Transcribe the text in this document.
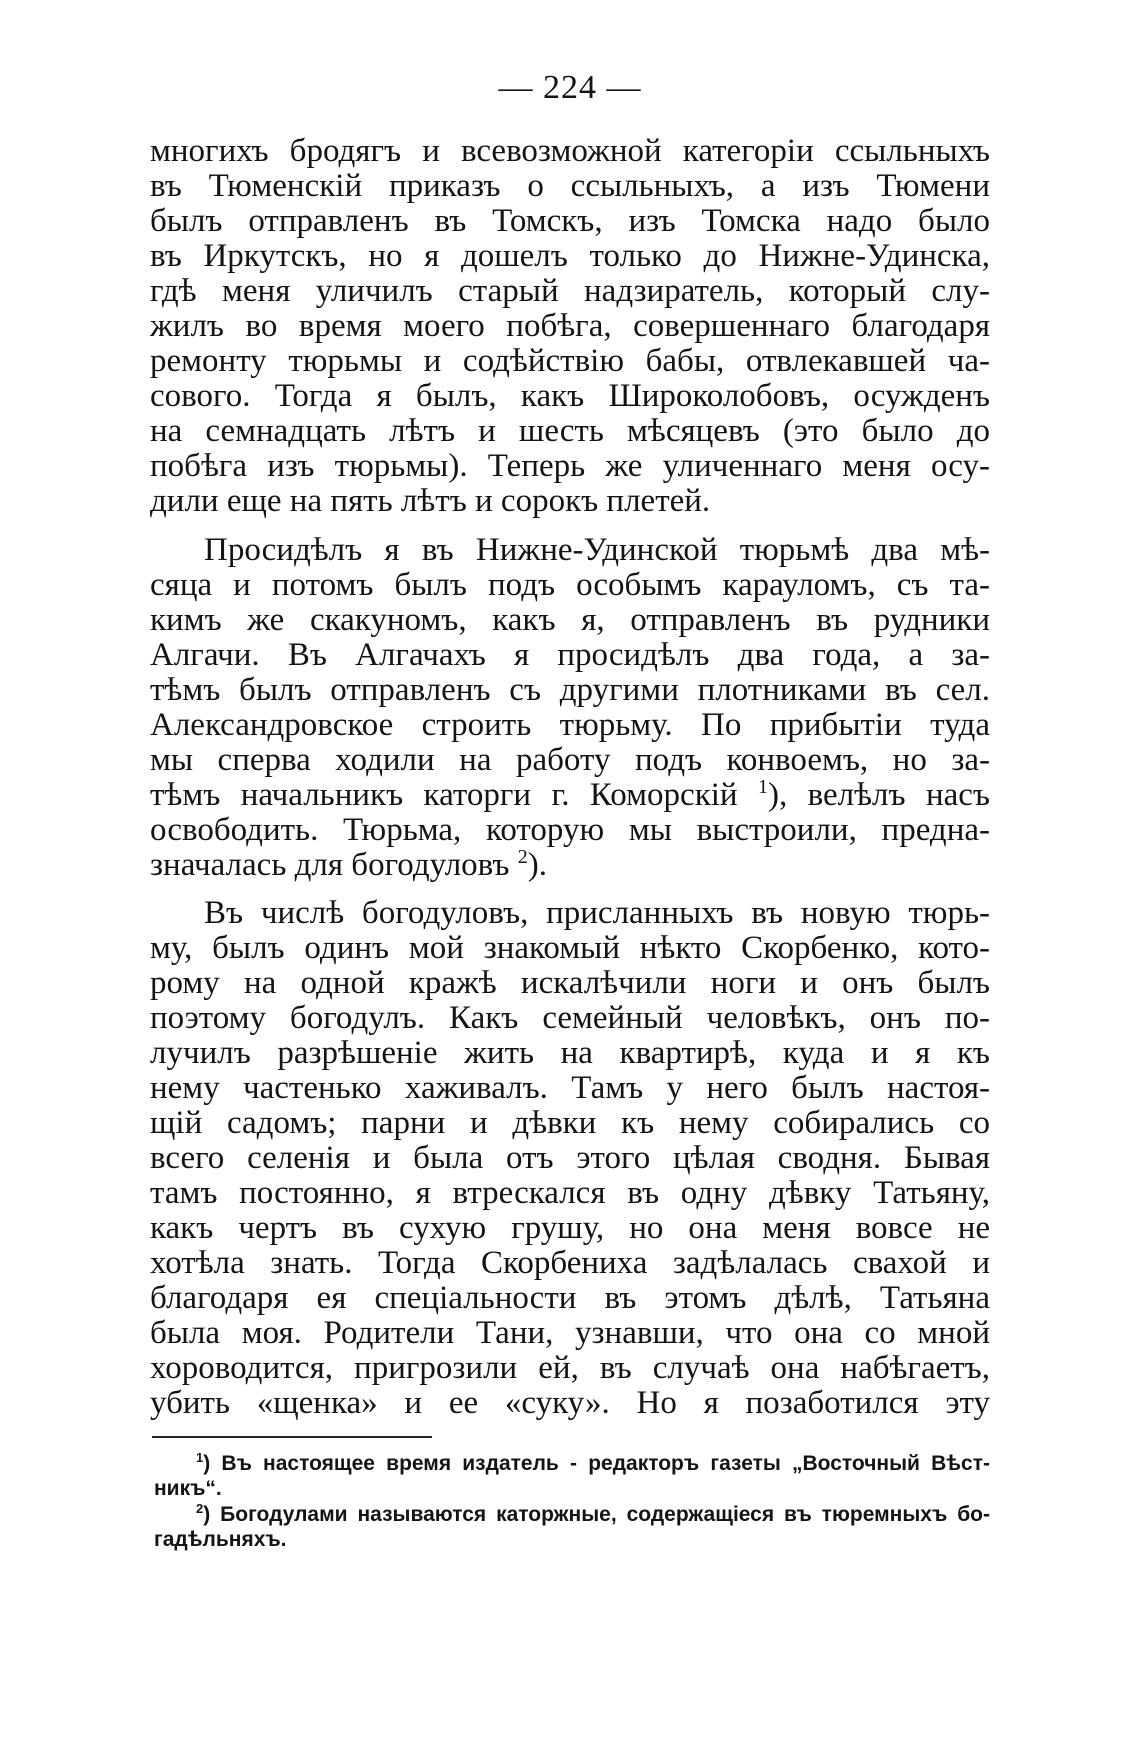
— 224 —
многихъ бродягъ и всевозможной категоріи ссыльныхъ
въ Тюменскій приказъ о ссыльныхъ, а изъ Тюмени
былъ отправленъ въ Томскъ, изъ Томска надо было
въ Иркутскъ, но я дошелъ только до Нижне-Удинска,
гдѣ меня уличилъ старый надзиратель, который слу-
жилъ во время моего побѣга, совершеннаго благодаря
ремонту тюрьмы и содѣйствію бабы, отвлекавшей ча-
сового. Тогда я былъ, какъ Широколобовъ, осужденъ
на семнадцать лѣтъ и шесть мѣсяцевъ (это было до
побѣга изъ тюрьмы). Теперь же уличеннаго меня осу-
дили еще на пять лѣтъ и сорокъ плетей.
Просидѣлъ я въ Нижне-Удинской тюрьмѣ два мѣ-
сяца и потомъ былъ подъ особымъ карауломъ, съ та-
кимъ же скакуномъ, какъ я, отправленъ въ рудники
Алгачи. Въ Алгачахъ я просидѣлъ два года, а за-
тѣмъ былъ отправленъ съ другими плотниками въ сел.
Александровское строить тюрьму. По прибытіи туда
мы сперва ходили на работу подъ конвоемъ, но за-
тѣмъ начальникъ каторги г. Коморскій $^1$), велѣлъ насъ
освободить. Тюрьма, которую мы выстроили, предна-
значалась для богодуловъ $^2$).
Въ числѣ богодуловъ, присланныхъ въ новую тюрь-
му, былъ одинъ мой знакомый нѣкто Скорбенко, кото-
рому на одной кражѣ искалѣчили ноги и онъ былъ
поэтому богодулъ. Какъ семейный человѣкъ, онъ по-
лучилъ разрѣшеніе жить на квартирѣ, куда и я къ
нему частенько хаживалъ. Тамъ у него былъ настоя-
щій садомъ; парни и дѣвки къ нему собирались со
всего селенія и была отъ этого цѣлая сводня. Бывая
тамъ постоянно, я втрескался въ одну дѣвку Татьяну,
какъ чертъ въ сухую грушу, но она меня вовсе не
хотѣла знать. Тогда Скорбениха задѣлалась свахой и
благодаря ея спеціальности въ этомъ дѣлѣ, Татьяна
была моя. Родители Тани, узнавши, что она со мной
хороводится, пригрозили ей, въ случаѣ она набѣгаетъ,
убить «щенка» и ее «суку». Но я позаботился эту
$^1$) Въ настоящее время издатель - редакторъ газеты „Восточный Вѣст-
никъ“.
$^2$) Богодулами называются каторжные, содержащіеся въ тюремныхъ бо-
гадѣльняхъ.
